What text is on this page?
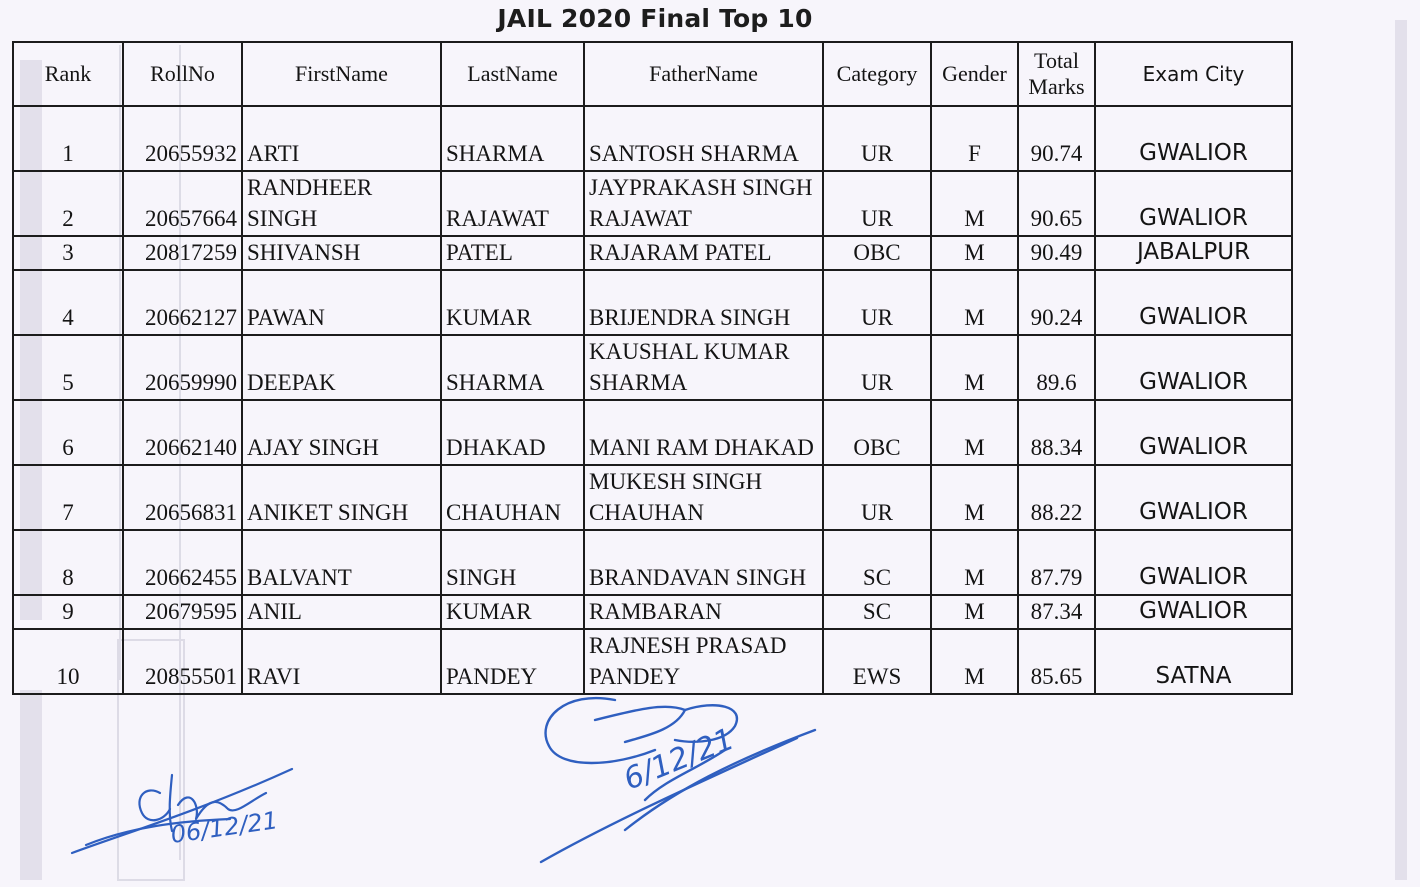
JAIL 2020 Final Top 10
Rank	RollNo	FirstName	LastName	FatherName	Category	Gender	Total Marks	Exam City
1	20655932	ARTI	SHARMA	SANTOSH SHARMA	UR	F	90.74	GWALIOR
2	20657664	RANDHEER SINGH	RAJAWAT	JAYPRAKASH SINGH RAJAWAT	UR	M	90.65	GWALIOR
3	20817259	SHIVANSH	PATEL	RAJARAM PATEL	OBC	M	90.49	JABALPUR
4	20662127	PAWAN	KUMAR	BRIJENDRA SINGH	UR	M	90.24	GWALIOR
5	20659990	DEEPAK	SHARMA	KAUSHAL KUMAR SHARMA	UR	M	89.6	GWALIOR
6	20662140	AJAY SINGH	DHAKAD	MANI RAM DHAKAD	OBC	M	88.34	GWALIOR
7	20656831	ANIKET SINGH	CHAUHAN	MUKESH SINGH CHAUHAN	UR	M	88.22	GWALIOR
8	20662455	BALVANT	SINGH	BRANDAVAN SINGH	SC	M	87.79	GWALIOR
9	20679595	ANIL	KUMAR	RAMBARAN	SC	M	87.34	GWALIOR
10	20855501	RAVI	PANDEY	RAJNESH PRASAD PANDEY	EWS	M	85.65	SATNA
06/12/21
6/12/21
